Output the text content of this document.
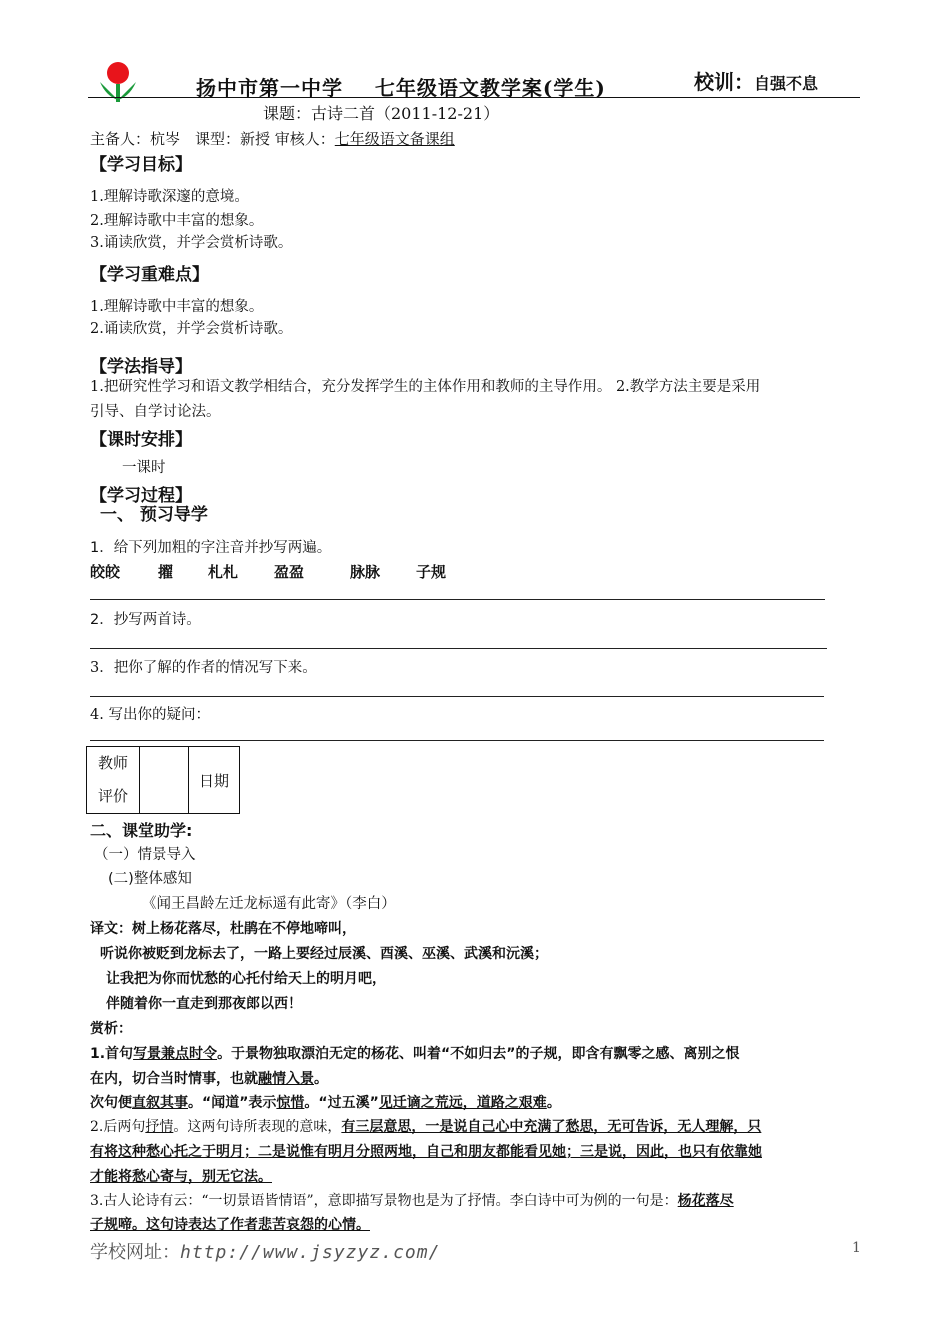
扬中市第一中学 七年级语文教学案(学生)	校训：自强不息
课题：古诗二首（2011-12-21）
主备人：杭岑　课型：新授 审核人：七年级语文备课组
【学习目标】
1.理解诗歌深邃的意境。
2.理解诗歌中丰富的想象。
3.诵读欣赏，并学会赏析诗歌。
【学习重难点】
1.理解诗歌中丰富的想象。
2.诵读欣赏，并学会赏析诗歌。
【学法指导】
1.把研究性学习和语文教学相结合，充分发挥学生的主体作用和教师的主导作用。 2.教学方法主要是采用
引导、自学讨论法。
【课时安排】
一课时
【学习过程】
一、 预习导学
1．给下列加粗的字注音并抄写两遍。
皎皎	擢 札札 盈盈	脉脉 子规
2．抄写两首诗。
3．把你了解的作者的情况写下来。
4. 写出你的疑问：
教师
评价		日期
二、课堂助学:
（一）情景导入
(二)整体感知
《闻王昌龄左迁龙标遥有此寄》（李白）
译文：树上杨花落尽，杜鹃在不停地啼叫，
听说你被贬到龙标去了，一路上要经过辰溪、酉溪、巫溪、武溪和沅溪；
让我把为你而忧愁的心托付给天上的明月吧，
伴随着你一直走到那夜郎以西！
赏析：
1.首句写景兼点时令。于景物独取漂泊无定的杨花、叫着“不如归去”的子规，即含有飘零之感、离别之恨
在内，切合当时情事，也就融情入景。
次句便直叙其事。“闻道”表示惊惜。“过五溪”见迁谪之荒远，道路之艰难。
2.后两句抒情。这两句诗所表现的意味，有三层意思，一是说自己心中充满了愁思，无可告诉，无人理解，只
有将这种愁心托之于明月；二是说惟有明月分照两地，自己和朋友都能看见她；三是说，因此，也只有依靠她
才能将愁心寄与，别无它法。
3.古人论诗有云：“一切景语皆情语”，意即描写景物也是为了抒情。李白诗中可为例的一句是：杨花落尽
子规啼。这句诗表达了作者悲苦哀怨的心情。
学校网址：http://www.jsyzyz.com/	1
